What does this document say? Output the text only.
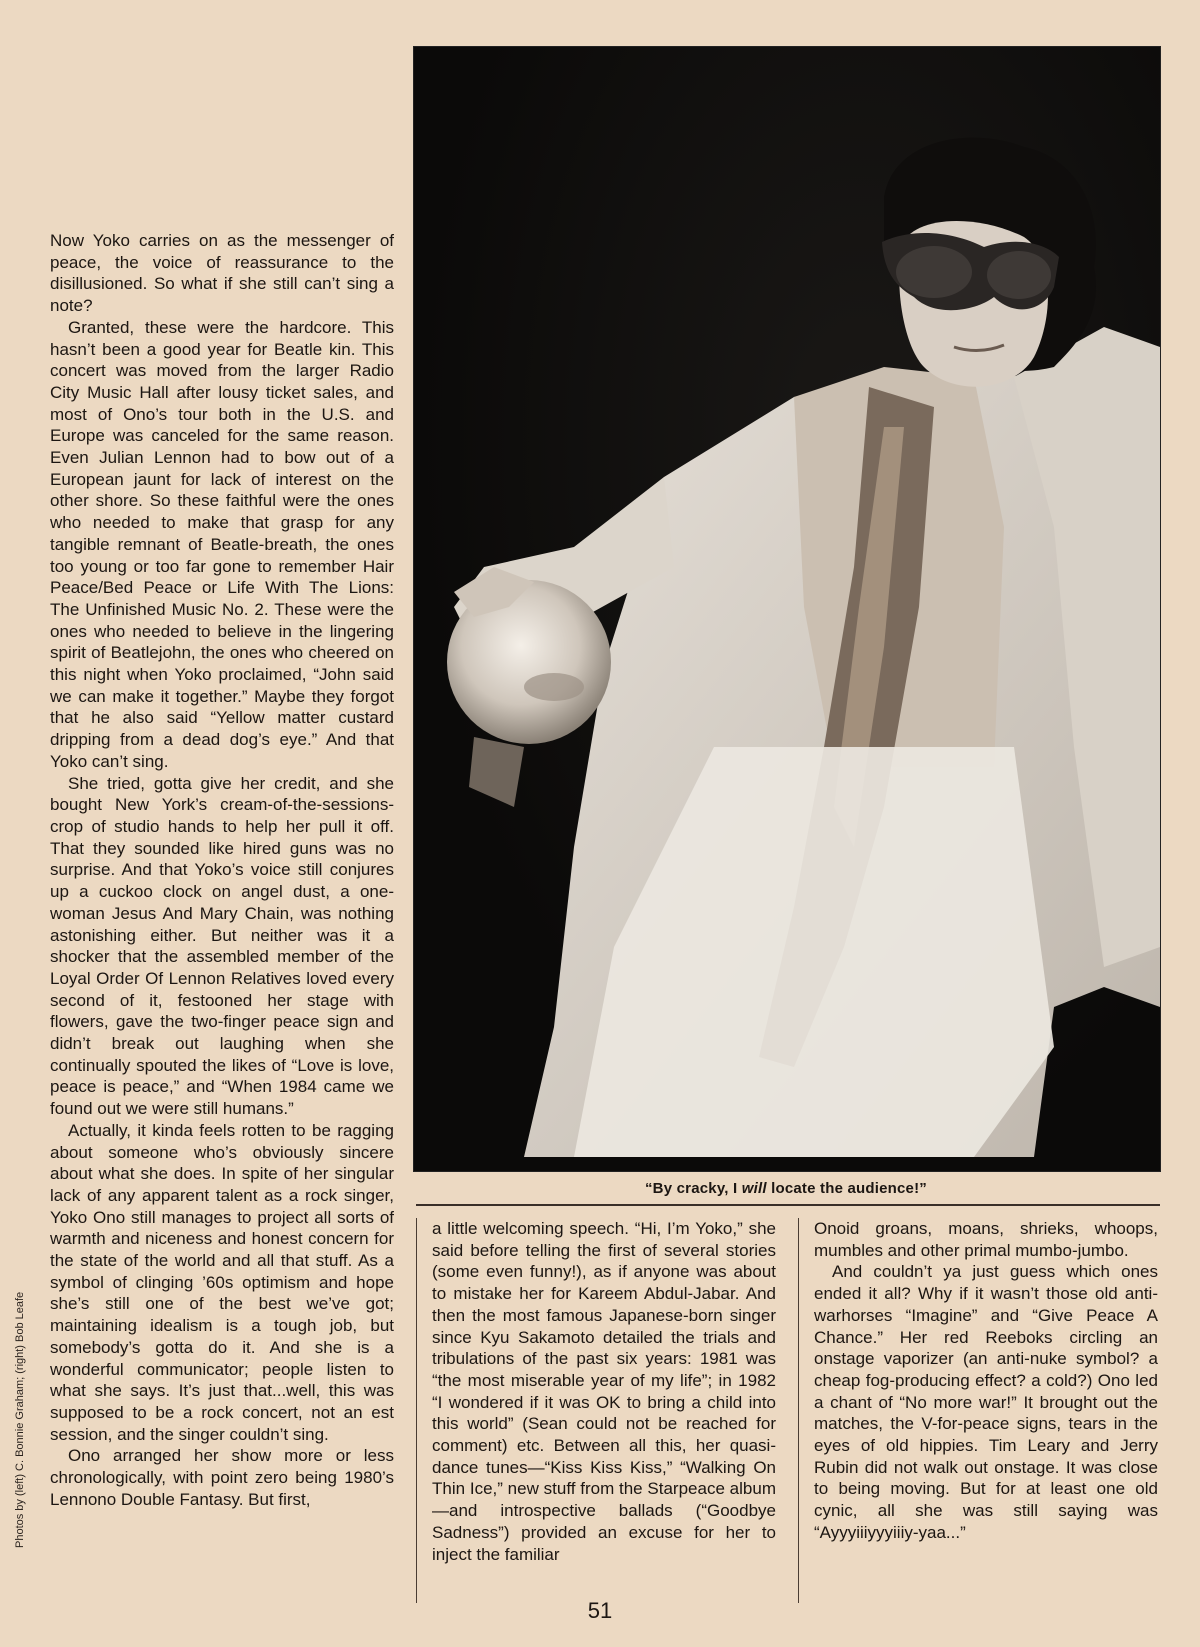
Now Yoko carries on as the messenger of peace, the voice of reassurance to the disillusioned. So what if she still can’t sing a note?

Granted, these were the hardcore. This hasn’t been a good year for Beatle kin. This concert was moved from the larger Radio City Music Hall after lousy ticket sales, and most of Ono’s tour both in the U.S. and Europe was canceled for the same reason. Even Julian Lennon had to bow out of a European jaunt for lack of interest on the other shore. So these faithful were the ones who needed to make that grasp for any tangible remnant of Beatle-breath, the ones too young or too far gone to remember Hair Peace/Bed Peace or Life With The Lions: The Unfinished Music No. 2. These were the ones who needed to believe in the lingering spirit of Beatlejohn, the ones who cheered on this night when Yoko proclaimed, “John said we can make it together.” Maybe they forgot that he also said “Yellow matter custard dripping from a dead dog’s eye.” And that Yoko can’t sing.

She tried, gotta give her credit, and she bought New York’s cream-of-the-sessions-crop of studio hands to help her pull it off. That they sounded like hired guns was no surprise. And that Yoko’s voice still conjures up a cuckoo clock on angel dust, a one-woman Jesus And Mary Chain, was nothing astonishing either. But neither was it a shocker that the assembled member of the Loyal Order Of Lennon Relatives loved every second of it, festooned her stage with flowers, gave the two-finger peace sign and didn’t break out laughing when she continually spouted the likes of “Love is love, peace is peace,” and “When 1984 came we found out we were still humans.”

Actually, it kinda feels rotten to be ragging about someone who’s obviously sincere about what she does. In spite of her singular lack of any apparent talent as a rock singer, Yoko Ono still manages to project all sorts of warmth and niceness and honest concern for the state of the world and all that stuff. As a symbol of clinging ’60s optimism and hope she’s still one of the best we’ve got; maintaining idealism is a tough job, but somebody’s gotta do it. And she is a wonderful communicator; people listen to what she says. It’s just that...well, this was supposed to be a rock concert, not an est session, and the singer couldn’t sing.

Ono arranged her show more or less chronologically, with point zero being 1980’s Lennono Double Fantasy. But first,

“By cracky, I will locate the audience!”

a little welcoming speech. “Hi, I’m Yoko,” she said before telling the first of several stories (some even funny!), as if anyone was about to mistake her for Kareem Abdul-Jabar. And then the most famous Japanese-born singer since Kyu Sakamoto detailed the trials and tribulations of the past six years: 1981 was “the most miserable year of my life”; in 1982 “I wondered if it was OK to bring a child into this world” (Sean could not be reached for comment) etc. Between all this, her quasi-dance tunes—“Kiss Kiss Kiss,” “Walking On Thin Ice,” new stuff from the Starpeace album—and introspective ballads (“Goodbye Sadness”) provided an excuse for her to inject the familiar

Onoid groans, moans, shrieks, whoops, mumbles and other primal mumbo-jumbo.

And couldn’t ya just guess which ones ended it all? Why if it wasn’t those old anti-warhorses “Imagine” and “Give Peace A Chance.” Her red Reeboks circling an onstage vaporizer (an anti-nuke symbol? a cheap fog-producing effect? a cold?) Ono led a chant of “No more war!” It brought out the matches, the V-for-peace signs, tears in the eyes of old hippies. Tim Leary and Jerry Rubin did not walk out onstage. It was close to being moving. But for at least one old cynic, all she was still saying was “Ayyyiiiyyyiiiy-yaa...”

Photos by (left) C. Bonnie Graham; (right) Bob Leafe
51
